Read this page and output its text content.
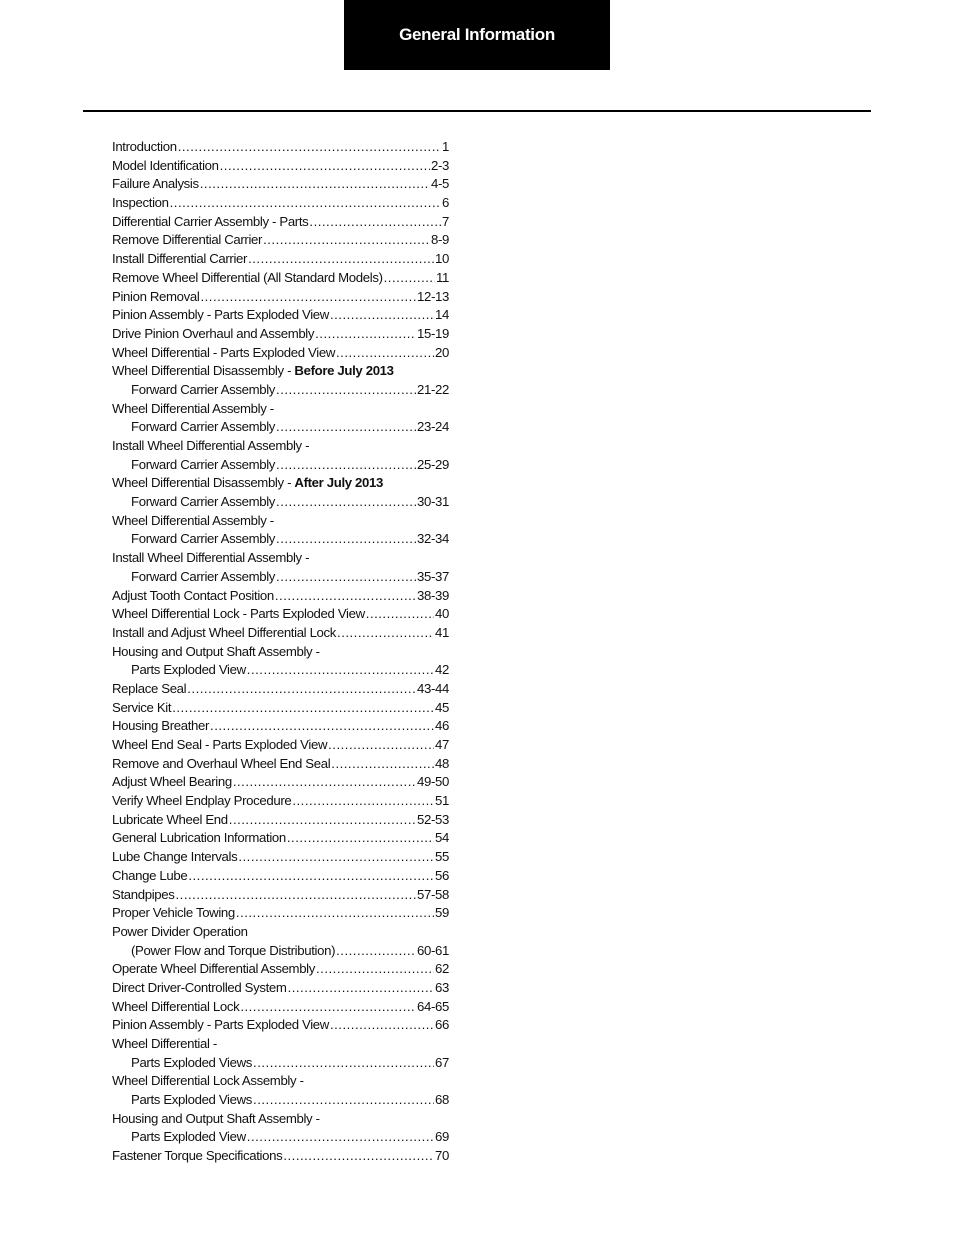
General Information
Introduction .....	1
Model Identification .....	2-3
Failure Analysis .....	4-5
Inspection .....	6
Differential Carrier Assembly - Parts .....	7
Remove Differential Carrier .....	8-9
Install Differential Carrier .....	10
Remove Wheel Differential (All Standard Models) .....	11
Pinion Removal .....	12-13
Pinion Assembly - Parts Exploded View .....	14
Drive Pinion Overhaul and Assembly .....	15-19
Wheel Differential - Parts Exploded View .....	20
Wheel Differential Disassembly - Before July 2013
Forward Carrier Assembly .....	21-22
Wheel Differential Assembly -
Forward Carrier Assembly .....	23-24
Install Wheel Differential Assembly -
Forward Carrier Assembly .....	25-29
Wheel Differential Disassembly - After July 2013
Forward Carrier Assembly .....	30-31
Wheel Differential Assembly -
Forward Carrier Assembly .....	32-34
Install Wheel Differential Assembly -
Forward Carrier Assembly .....	35-37
Adjust Tooth Contact Position .....	38-39
Wheel Differential Lock - Parts Exploded View .....	40
Install and Adjust Wheel Differential Lock .....	41
Housing and Output Shaft Assembly -
Parts Exploded View .....	42
Replace Seal .....	43-44
Service Kit .....	45
Housing Breather .....	46
Wheel End Seal - Parts Exploded View .....	47
Remove and Overhaul Wheel End Seal .....	48
Adjust Wheel Bearing .....	49-50
Verify Wheel Endplay Procedure .....	51
Lubricate Wheel End .....	52-53
General Lubrication Information .....	54
Lube Change Intervals .....	55
Change Lube .....	56
Standpipes .....	57-58
Proper Vehicle Towing .....	59
Power Divider Operation
(Power Flow and Torque Distribution) .....	60-61
Operate Wheel Differential Assembly .....	62
Direct Driver-Controlled System .....	63
Wheel Differential Lock .....	64-65
Pinion Assembly - Parts Exploded View .....	66
Wheel Differential -
Parts Exploded Views .....	67
Wheel Differential Lock Assembly -
Parts Exploded Views .....	68
Housing and Output Shaft Assembly -
Parts Exploded View .....	69
Fastener Torque Specifications .....	70
